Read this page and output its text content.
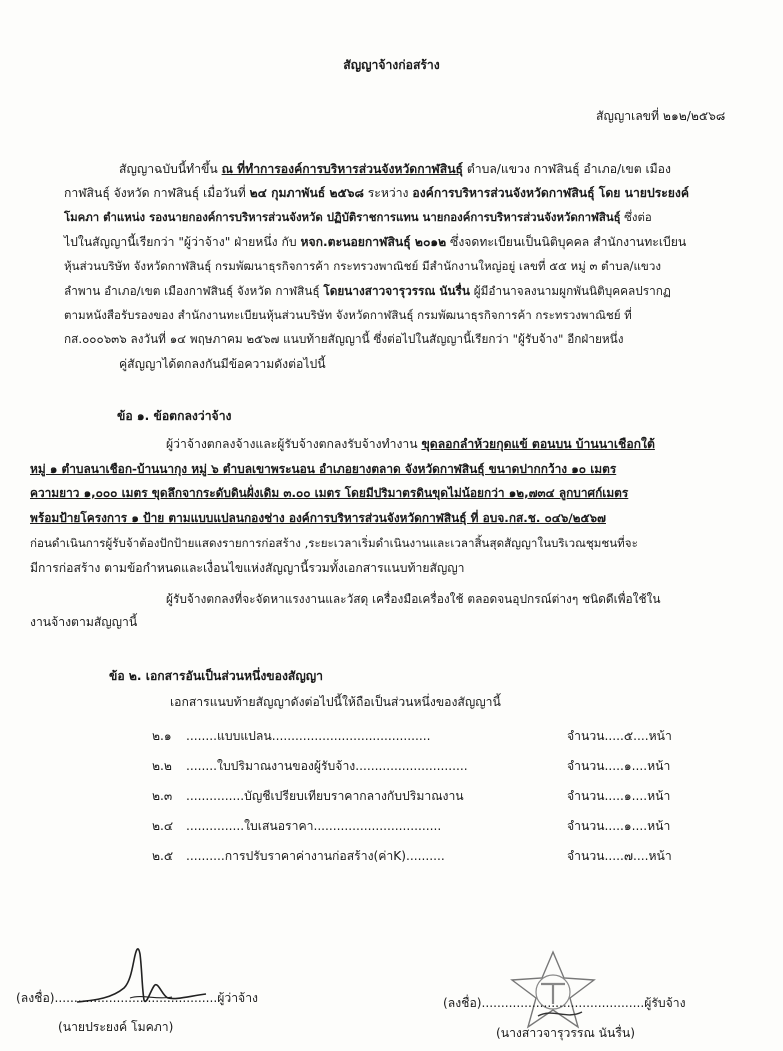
สัญญาจ้างก่อสร้าง
สัญญาเลขที่ ๒๑๒/๒๕๖๘
สัญญาฉบับนี้ทำขึ้น ณ ที่ทำการองค์การบริหารส่วนจังหวัดกาฬสินธุ์ ตำบล/แขวง กาฬสินธุ์ อำเภอ/เขต เมือง
กาฬสินธุ์ จังหวัด กาฬสินธุ์ เมื่อวันที่ ๒๔ กุมภาพันธ์ ๒๕๖๘ ระหว่าง องค์การบริหารส่วนจังหวัดกาฬสินธุ์ โดย นายประยงค์
โมคภา ตำแหน่ง รองนายกองค์การบริหารส่วนจังหวัด ปฏิบัติราชการแทน นายกองค์การบริหารส่วนจังหวัดกาฬสินธุ์ ซึ่งต่อ
ไปในสัญญานี้เรียกว่า "ผู้ว่าจ้าง" ฝ่ายหนึ่ง กับ หจก.ตะนอยกาฬสินธุ์ ๒๐๑๒ ซึ่งจดทะเบียนเป็นนิติบุคคล สำนักงานทะเบียน
หุ้นส่วนบริษัท จังหวัดกาฬสินธุ์ กรมพัฒนาธุรกิจการค้า กระทรวงพาณิชย์ มีสำนักงานใหญ่อยู่ เลขที่ ๕๕ หมู่ ๓ ตำบล/แขวง
ลำพาน อำเภอ/เขต เมืองกาฬสินธุ์ จังหวัด กาฬสินธุ์ โดยนางสาวจารุวรรณ นันรื่น ผู้มีอำนาจลงนามผูกพันนิติบุคคลปรากฏ
ตามหนังสือรับรองของ สำนักงานทะเบียนหุ้นส่วนบริษัท จังหวัดกาฬสินธุ์ กรมพัฒนาธุรกิจการค้า กระทรวงพาณิชย์ ที่
กส.๐๐๐๖๓๖ ลงวันที่ ๑๔ พฤษภาคม ๒๕๖๗ แนบท้ายสัญญานี้ ซึ่งต่อไปในสัญญานี้เรียกว่า "ผู้รับจ้าง" อีกฝ่ายหนึ่ง
คู่สัญญาได้ตกลงกันมีข้อความดังต่อไปนี้
ข้อ ๑. ข้อตกลงว่าจ้าง
ผู้ว่าจ้างตกลงจ้างและผู้รับจ้างตกลงรับจ้างทำงาน ขุดลอกลำห้วยกุดแข้ ตอนบน บ้านนาเชือกใต้
หมู่ ๑ ตำบลนาเชือก-บ้านนากุง หมู่ ๖ ตำบลเขาพระนอน อำเภอยางตลาด จังหวัดกาฬสินธุ์ ขนาดปากกว้าง ๑๐ เมตร
ความยาว ๑,๐๐๐ เมตร ขุดลึกจากระดับดินฝั่งเดิม ๓.๐๐ เมตร โดยมีปริมาตรดินขุดไม่น้อยกว่า ๑๒,๗๓๔ ลูกบาศก์เมตร
พร้อมป้ายโครงการ ๑ ป้าย ตามแบบแปลนกองช่าง องค์การบริหารส่วนจังหวัดกาฬสินธุ์ ที่ อบจ.กส.ช. ๐๔๖/๒๕๖๗
ก่อนดำเนินการผู้รับจ้าต้องปักป้ายแสดงรายการก่อสร้าง ,ระยะเวลาเริ่มดำเนินงานและเวลาสิ้นสุดสัญญาในบริเวณชุมชนที่จะ
มีการก่อสร้าง ตามข้อกำหนดและเงื่อนไขแห่งสัญญานี้รวมทั้งเอกสารแนบท้ายสัญญา
ผู้รับจ้างตกลงที่จะจัดหาแรงงานและวัสดุ เครื่องมือเครื่องใช้ ตลอดจนอุปกรณ์ต่างๆ ชนิดดีเพื่อใช้ใน
งานจ้างตามสัญญานี้
ข้อ ๒. เอกสารอันเป็นส่วนหนึ่งของสัญญา
เอกสารแนบท้ายสัญญาดังต่อไปนี้ให้ถือเป็นส่วนหนึ่งของสัญญานี้
๒.๑ ........แบบแปลน.........................................	จำนวน.....๕....หน้า
๒.๒ ........ใบปริมาณงานของผู้รับจ้าง.............................	จำนวน.....๑....หน้า
๒.๓ ...............บัญชีเปรียบเทียบราคากลางกับปริมาณงาน	จำนวน.....๑....หน้า
๒.๔ ...............ใบเสนอราคา.................................	จำนวน.....๑....หน้า
๒.๕ ..........การปรับราคาค่างานก่อสร้าง(ค่าK)..........	จำนวน.....๗....หน้า
(ลงชื่อ)..........................................ผู้ว่าจ้าง
(นายประยงค์ โมคภา)
(ลงชื่อ)..........................................ผู้รับจ้าง
(นางสาวจารุวรรณ นันรื่น)
